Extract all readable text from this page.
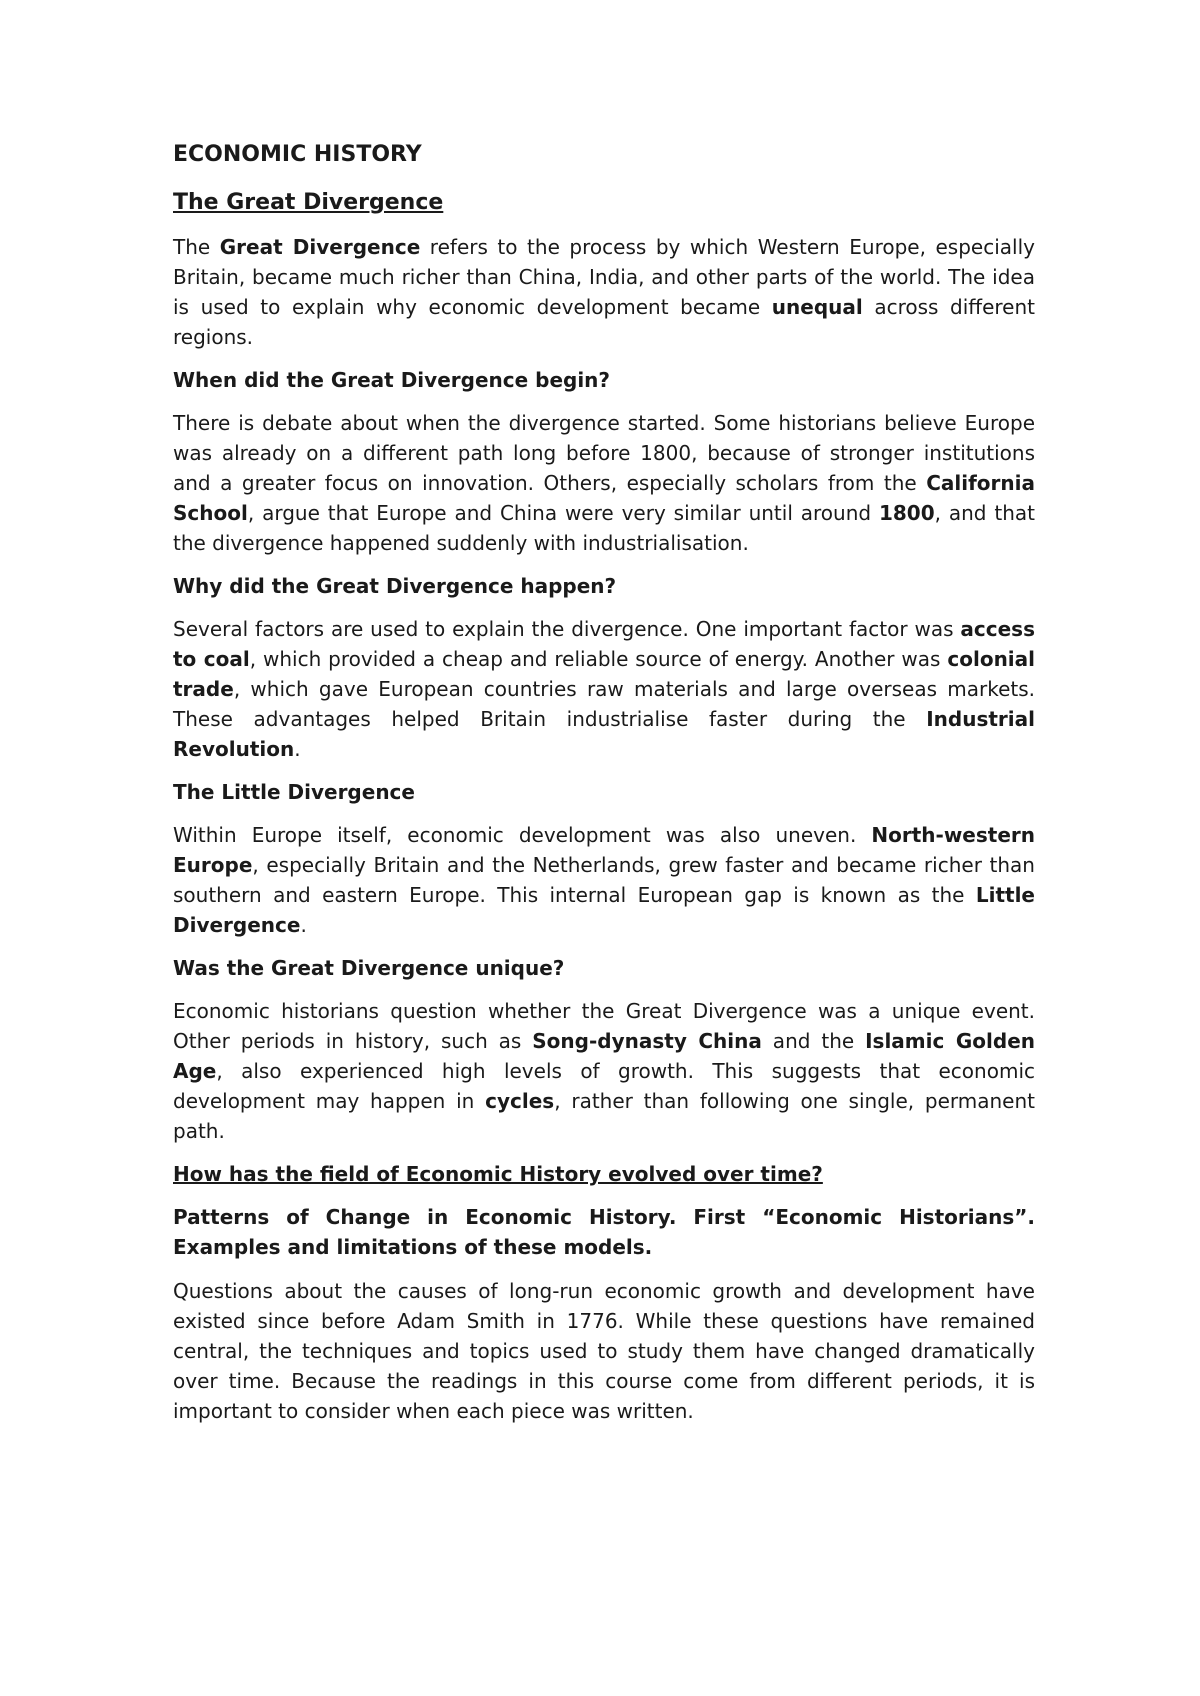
ECONOMIC HISTORY
The Great Divergence

The Great Divergence refers to the process by which Western Europe, especially Britain, became much richer than China, India, and other parts of the world. The idea is used to explain why economic development became unequal across different regions.

When did the Great Divergence begin?

There is debate about when the divergence started. Some historians believe Europe was already on a different path long before 1800, because of stronger institutions and a greater focus on innovation. Others, especially scholars from the California School, argue that Europe and China were very similar until around 1800, and that the divergence happened suddenly with industrialisation.

Why did the Great Divergence happen?

Several factors are used to explain the divergence. One important factor was access to coal, which provided a cheap and reliable source of energy. Another was colonial trade, which gave European countries raw materials and large overseas markets. These advantages helped Britain industrialise faster during the Industrial Revolution.

The Little Divergence

Within Europe itself, economic development was also uneven. North-western Europe, especially Britain and the Netherlands, grew faster and became richer than southern and eastern Europe. This internal European gap is known as the Little Divergence.

Was the Great Divergence unique?

Economic historians question whether the Great Divergence was a unique event. Other periods in history, such as Song-dynasty China and the Islamic Golden Age, also experienced high levels of growth. This suggests that economic development may happen in cycles, rather than following one single, permanent path.

How has the field of Economic History evolved over time?

Patterns of Change in Economic History. First “Economic Historians”. Examples and limitations of these models.

Questions about the causes of long-run economic growth and development have existed since before Adam Smith in 1776. While these questions have remained central, the techniques and topics used to study them have changed dramatically over time. Because the readings in this course come from different periods, it is important to consider when each piece was written.
